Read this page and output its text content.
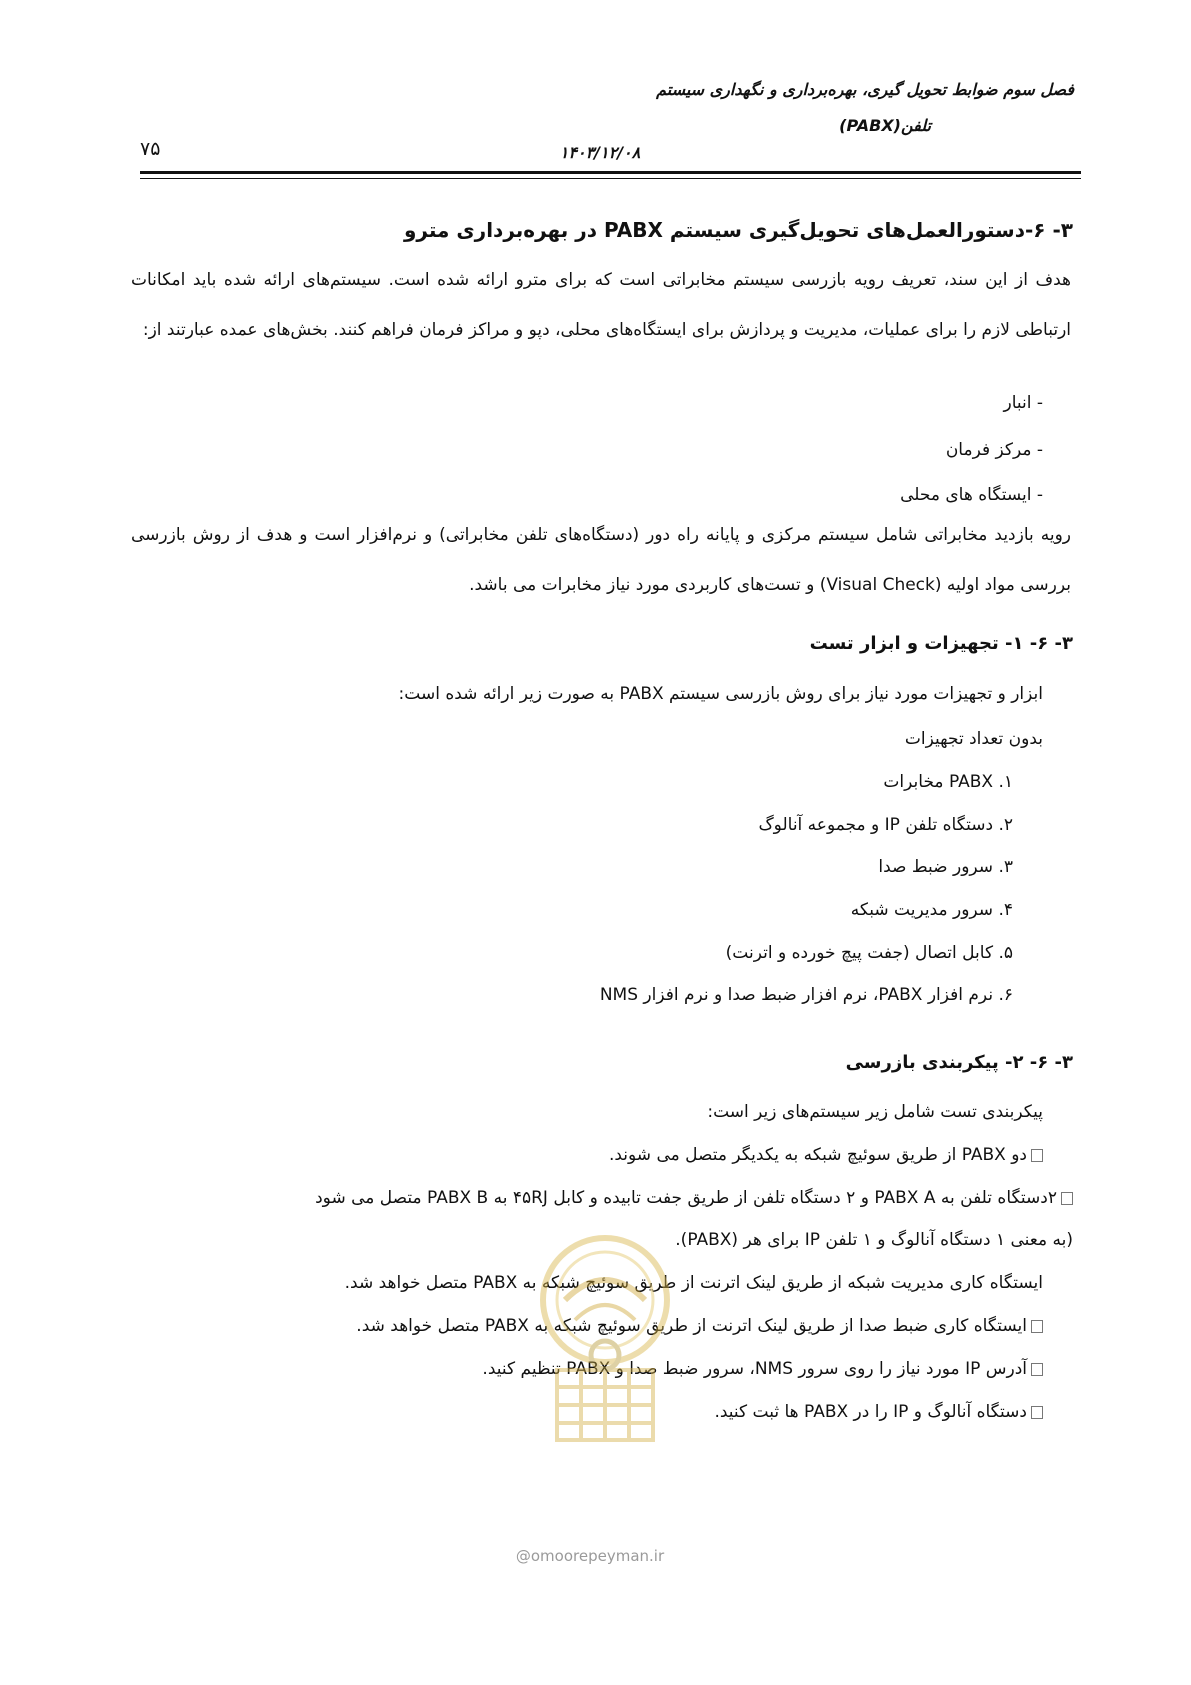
فصل سوم ضوابط تحویل گیری، بهره‌برداری و نگهداری سیستم
تلفن(PABX)
۱۴۰۳/۱۲/۰۸
۷۵
۳- ۶-دستورالعمل‌های تحویل‌گیری سیستم PABX در بهره‌برداری مترو
هدف از این سند، تعریف رویه بازرسی سیستم مخابراتی است که برای مترو ارائه شده است. سیستم‌های ارائه شده باید امکانات ارتباطی لازم را برای عملیات، مدیریت و پردازش برای ایستگاه‌های محلی، دپو و مراکز فرمان فراهم کنند. بخش‌های عمده عبارتند از:
- انبار
- مرکز فرمان
- ایستگاه های محلی
رویه بازدید مخابراتی شامل سیستم مرکزی و پایانه راه دور (دستگاه‌های تلفن مخابراتی) و نرم‌افزار است و هدف از روش بازرسی بررسی مواد اولیه (Visual Check) و تست‌های کاربردی مورد نیاز مخابرات می باشد.
۳- ۶- ۱- تجهیزات و ابزار تست
ابزار و تجهیزات مورد نیاز برای روش بازرسی سیستم PABX به صورت زیر ارائه شده است:
بدون تعداد تجهیزات
۱. PABX مخابرات
۲. دستگاه تلفن IP و مجموعه آنالوگ
۳. سرور ضبط صدا
۴. سرور مدیریت شبکه
۵. کابل اتصال (جفت پیچ خورده و اترنت)
۶. نرم افزار PABX، نرم افزار ضبط صدا و نرم افزار NMS
۳- ۶- ۲- پیکربندی بازرسی
پیکربندی تست شامل زیر سیستم‌های زیر است:
دو PABX از طریق سوئیچ شبکه به یکدیگر متصل می شوند.
۲دستگاه تلفن به PABX A و ۲ دستگاه تلفن از طریق جفت تابیده و کابل ۴۵RJ به PABX B متصل می شود
(به معنی ۱ دستگاه آنالوگ و ۱ تلفن IP برای هر (PABX).
ایستگاه کاری مدیریت شبکه از طریق لینک اترنت از طریق سوئیچ شبکه به PABX متصل خواهد شد.
ایستگاه کاری ضبط صدا از طریق لینک اترنت از طریق سوئیچ شبکه به PABX متصل خواهد شد.
آدرس IP مورد نیاز را روی سرور NMS، سرور ضبط صدا و PABX تنظیم کنید.
دستگاه آنالوگ و IP را در PABX ها ثبت کنید.
@omoorepeyman.ir
